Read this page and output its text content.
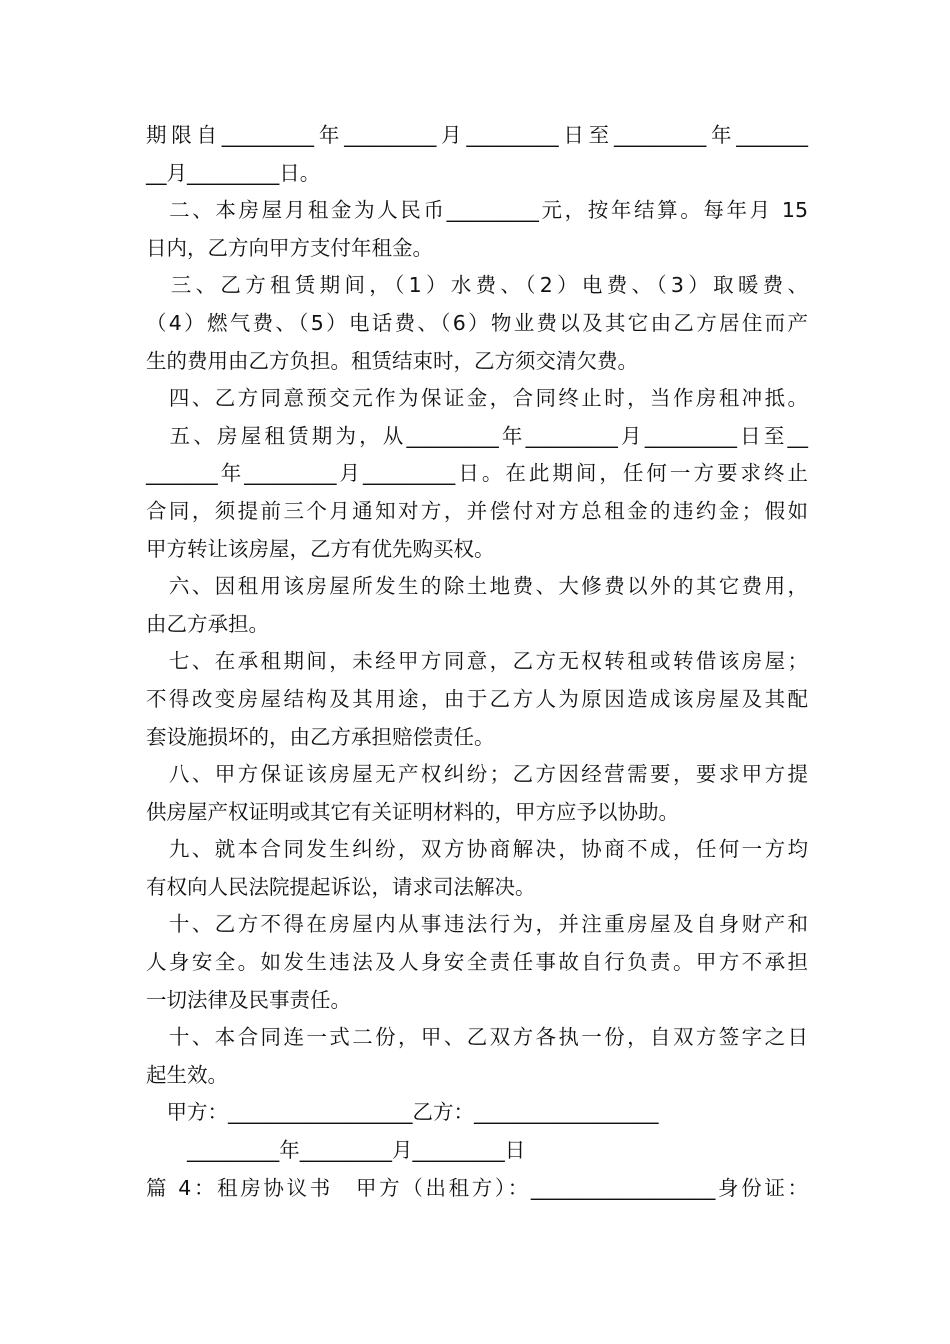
期限自_________年_________月_________日至_________年_______
__月_________日。
　二、本房屋月租金为人民币_________元，按年结算。每年月 15
日内，乙方向甲方支付年租金。
　三、乙方租赁期间，（1）水费、（2）电费、（3）取暖费、
（4）燃气费、（5）电话费、（6）物业费以及其它由乙方居住而产
生的费用由乙方负担。租赁结束时，乙方须交清欠费。
　四、乙方同意预交元作为保证金，合同终止时，当作房租冲抵。
　五、房屋租赁期为，从_________年_________月_________日至__
_______年_________月_________日。在此期间，任何一方要求终止
合同，须提前三个月通知对方，并偿付对方总租金的违约金；假如
甲方转让该房屋，乙方有优先购买权。
　六、因租用该房屋所发生的除土地费、大修费以外的其它费用，
由乙方承担。
　七、在承租期间，未经甲方同意，乙方无权转租或转借该房屋；
不得改变房屋结构及其用途，由于乙方人为原因造成该房屋及其配
套设施损坏的，由乙方承担赔偿责任。
　八、甲方保证该房屋无产权纠纷；乙方因经营需要，要求甲方提
供房屋产权证明或其它有关证明材料的，甲方应予以协助。
　九、就本合同发生纠纷，双方协商解决，协商不成，任何一方均
有权向人民法院提起诉讼，请求司法解决。
　十、乙方不得在房屋内从事违法行为，并注重房屋及自身财产和
人身安全。如发生违法及人身安全责任事故自行负责。甲方不承担
一切法律及民事责任。
　十、本合同连一式二份，甲、乙双方各执一份，自双方签字之日
起生效。
　甲方：__________________乙方：__________________
　　_________年_________月_________日
篇 4：租房协议书　甲方（出租方）：__________________身份证：
